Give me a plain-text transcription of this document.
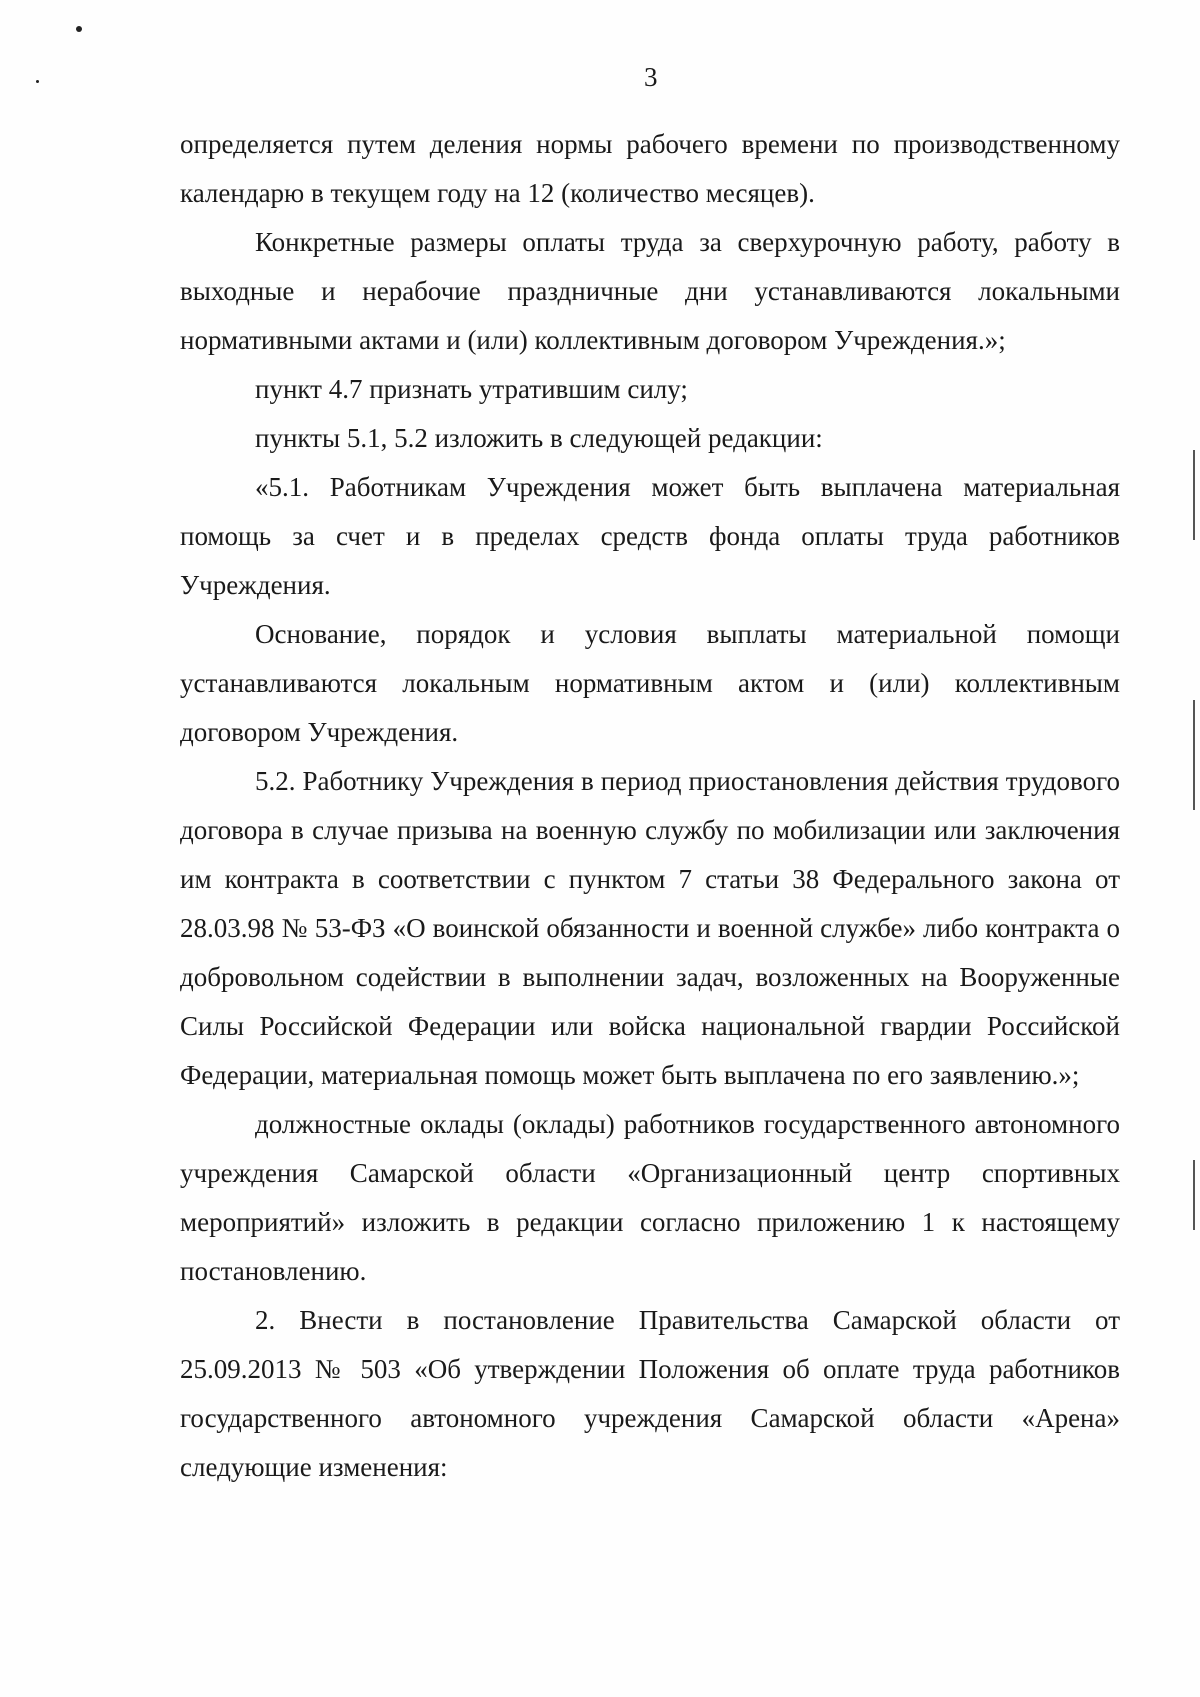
3

определяется путем деления нормы рабочего времени по производственному календарю в текущем году на 12 (количество месяцев).

Конкретные размеры оплаты труда за сверхурочную работу, работу в выходные и нерабочие праздничные дни устанавливаются локальными нормативными актами и (или) коллективным договором Учреждения.»;

пункт 4.7 признать утратившим силу;

пункты 5.1, 5.2 изложить в следующей редакции:

«5.1. Работникам Учреждения может быть выплачена материальная помощь за счет и в пределах средств фонда оплаты труда работников Учреждения.

Основание, порядок и условия выплаты материальной помощи устанавливаются локальным нормативным актом и (или) коллективным договором Учреждения.

5.2. Работнику Учреждения в период приостановления действия трудового договора в случае призыва на военную службу по мобилизации или заключения им контракта в соответствии с пунктом 7 статьи 38 Федерального закона от 28.03.98 № 53-ФЗ «О воинской обязанности и военной службе» либо контракта о добровольном содействии в выполнении задач, возложенных на Вооруженные Силы Российской Федерации или войска национальной гвардии Российской Федерации, материальная помощь может быть выплачена по его заявлению.»;

должностные оклады (оклады) работников государственного автономного учреждения Самарской области «Организационный центр спортивных мероприятий» изложить в редакции согласно приложению 1 к настоящему постановлению.

2. Внести в постановление Правительства Самарской области от 25.09.2013 № 503 «Об утверждении Положения об оплате труда работников государственного автономного учреждения Самарской области «Арена» следующие изменения:
